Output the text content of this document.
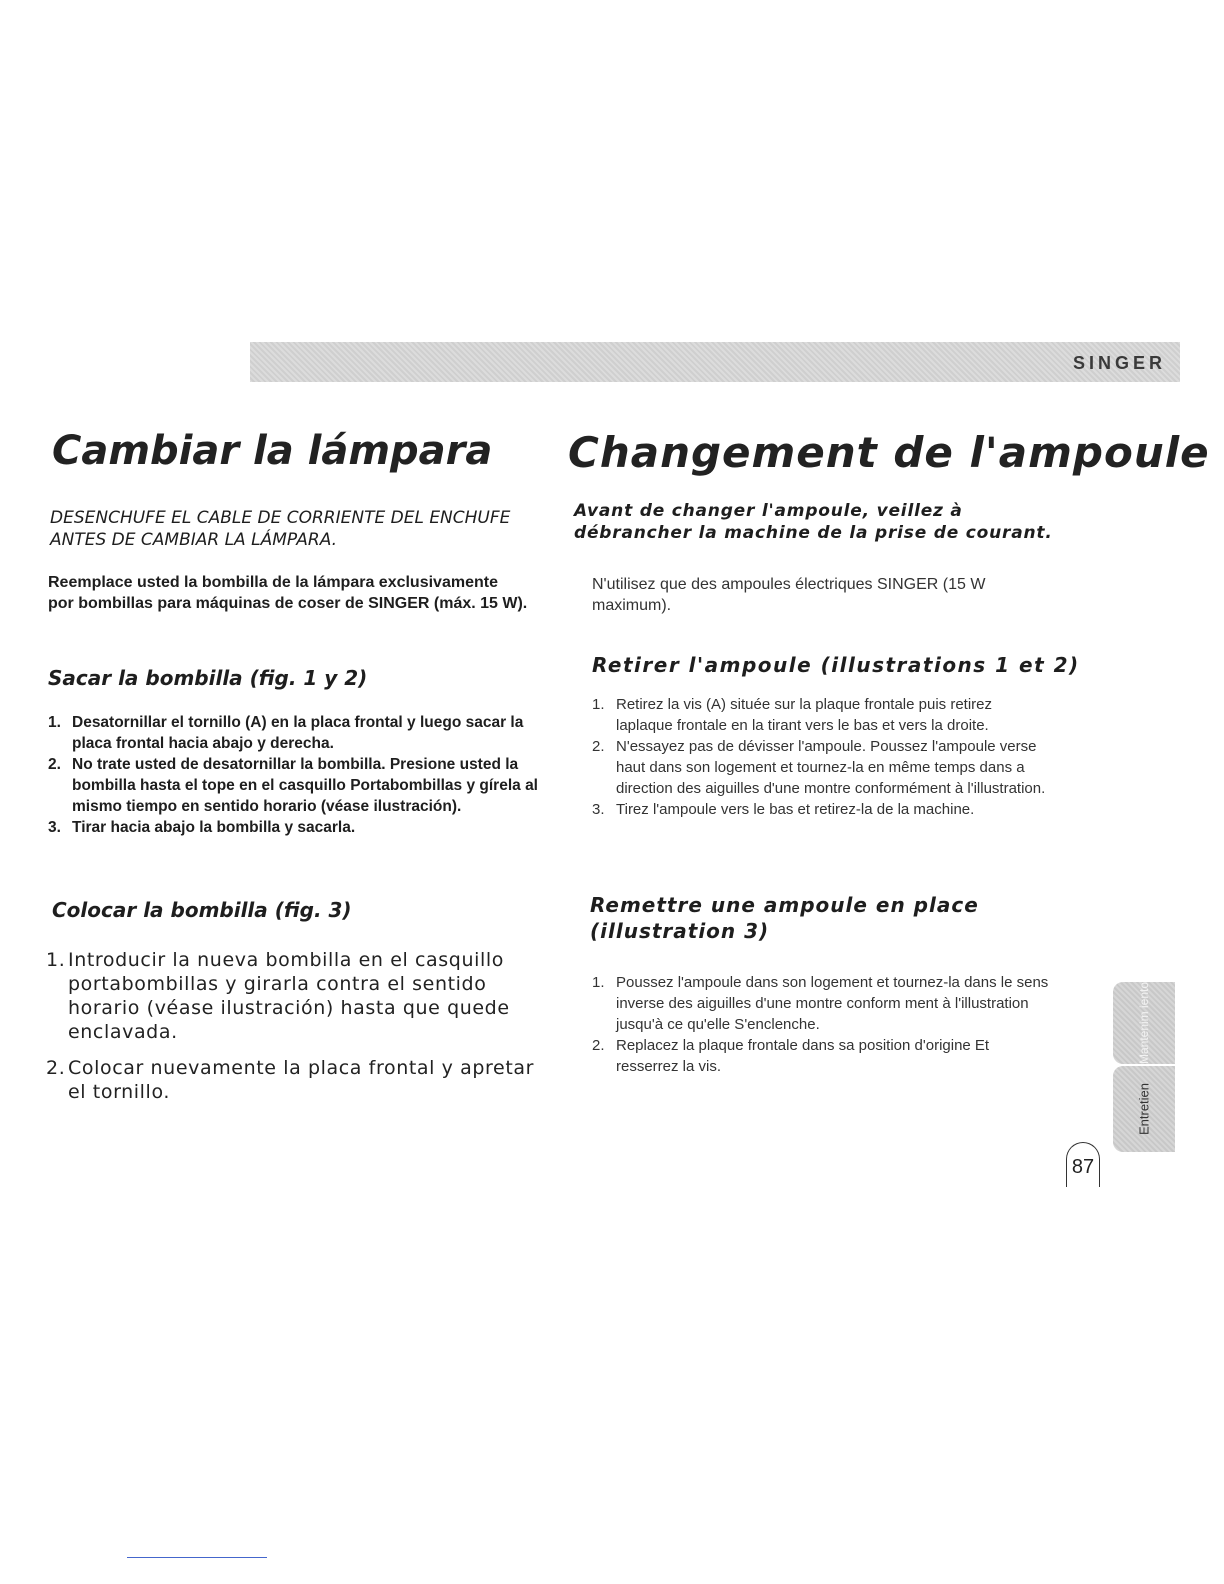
SINGER
Cambiar la lámpara

DESENCHUFE EL CABLE DE CORRIENTE DEL ENCHUFE ANTES DE CAMBIAR LA LÁMPARA.

Reemplace usted la bombilla de la lámpara exclusivamente por bombillas para máquinas de coser de SINGER (máx. 15 W).

Sacar la bombilla (fig. 1 y 2)
1. Desatornillar el tornillo (A) en la placa frontal y luego sacar la placa frontal hacia abajo y derecha.
2. No trate usted de desatornillar la bombilla. Presione usted la bombilla hasta el tope en el casquillo Portabombillas y gírela al mismo tiempo en sentido horario (véase ilustración).
3. Tirar hacia abajo la bombilla y sacarla.
Colocar la bombilla (fig. 3)
1. Introducir la nueva bombilla en el casquillo portabombillas y girarla contra el sentido horario (véase ilustración) hasta que quede enclavada.
2. Colocar nuevamente la placa frontal y apretar el tornillo.
Changement de l'ampoule

Avant de changer l'ampoule, veillez à débrancher la machine de la prise de courant.

N'utilisez que des ampoules électriques SINGER (15 W maximum).

Retirer l'ampoule (illustrations 1 et 2)
1. Retirez la vis (A) située sur la plaque frontale puis retirez laplaque frontale en la tirant vers le bas et vers la droite.
2. N'essayez pas de dévisser l'ampoule. Poussez l'ampoule verse haut dans son logement et tournez-la en même temps dans a direction des aiguilles d'une montre conformément à l'illustration.
3. Tirez l'ampoule vers le bas et retirez-la de la machine.
Remettre une ampoule en place (illustration 3)
1. Poussez l'ampoule dans son logement et tournez-la dans le sens inverse des aiguilles d'une montre conform ment à l'illustration jusqu'à ce qu'elle S'enclenche.
2. Replacez la plaque frontale dans sa position d'origine Et resserrez la vis.
Mantenim iento
Entretien
87
